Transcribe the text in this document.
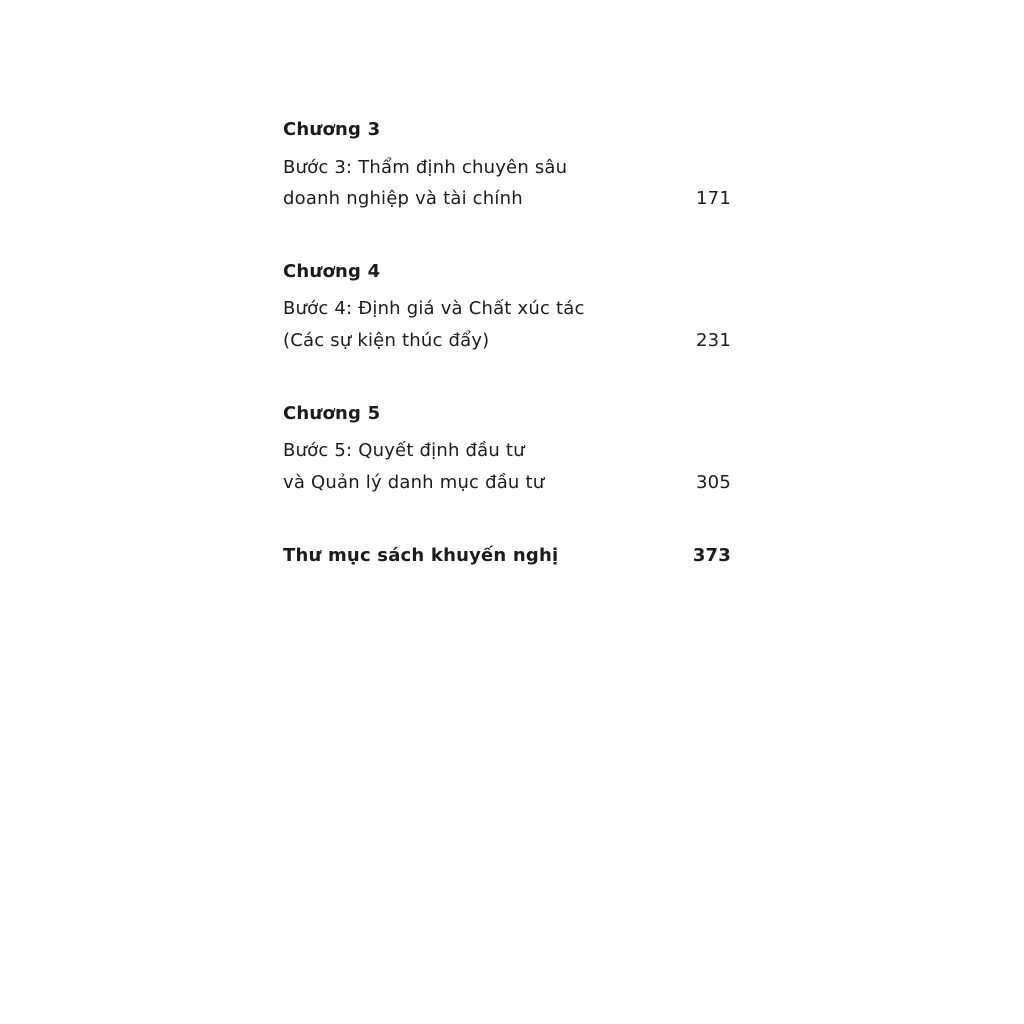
Chương 3
Bước 3: Thẩm định chuyên sâu
doanh nghiệp và tài chính	171
Chương 4
Bước 4: Định giá và Chất xúc tác
(Các sự kiện thúc đẩy)	231
Chương 5
Bước 5: Quyết định đầu tư
và Quản lý danh mục đầu tư	305
Thư mục sách khuyến nghị	373
